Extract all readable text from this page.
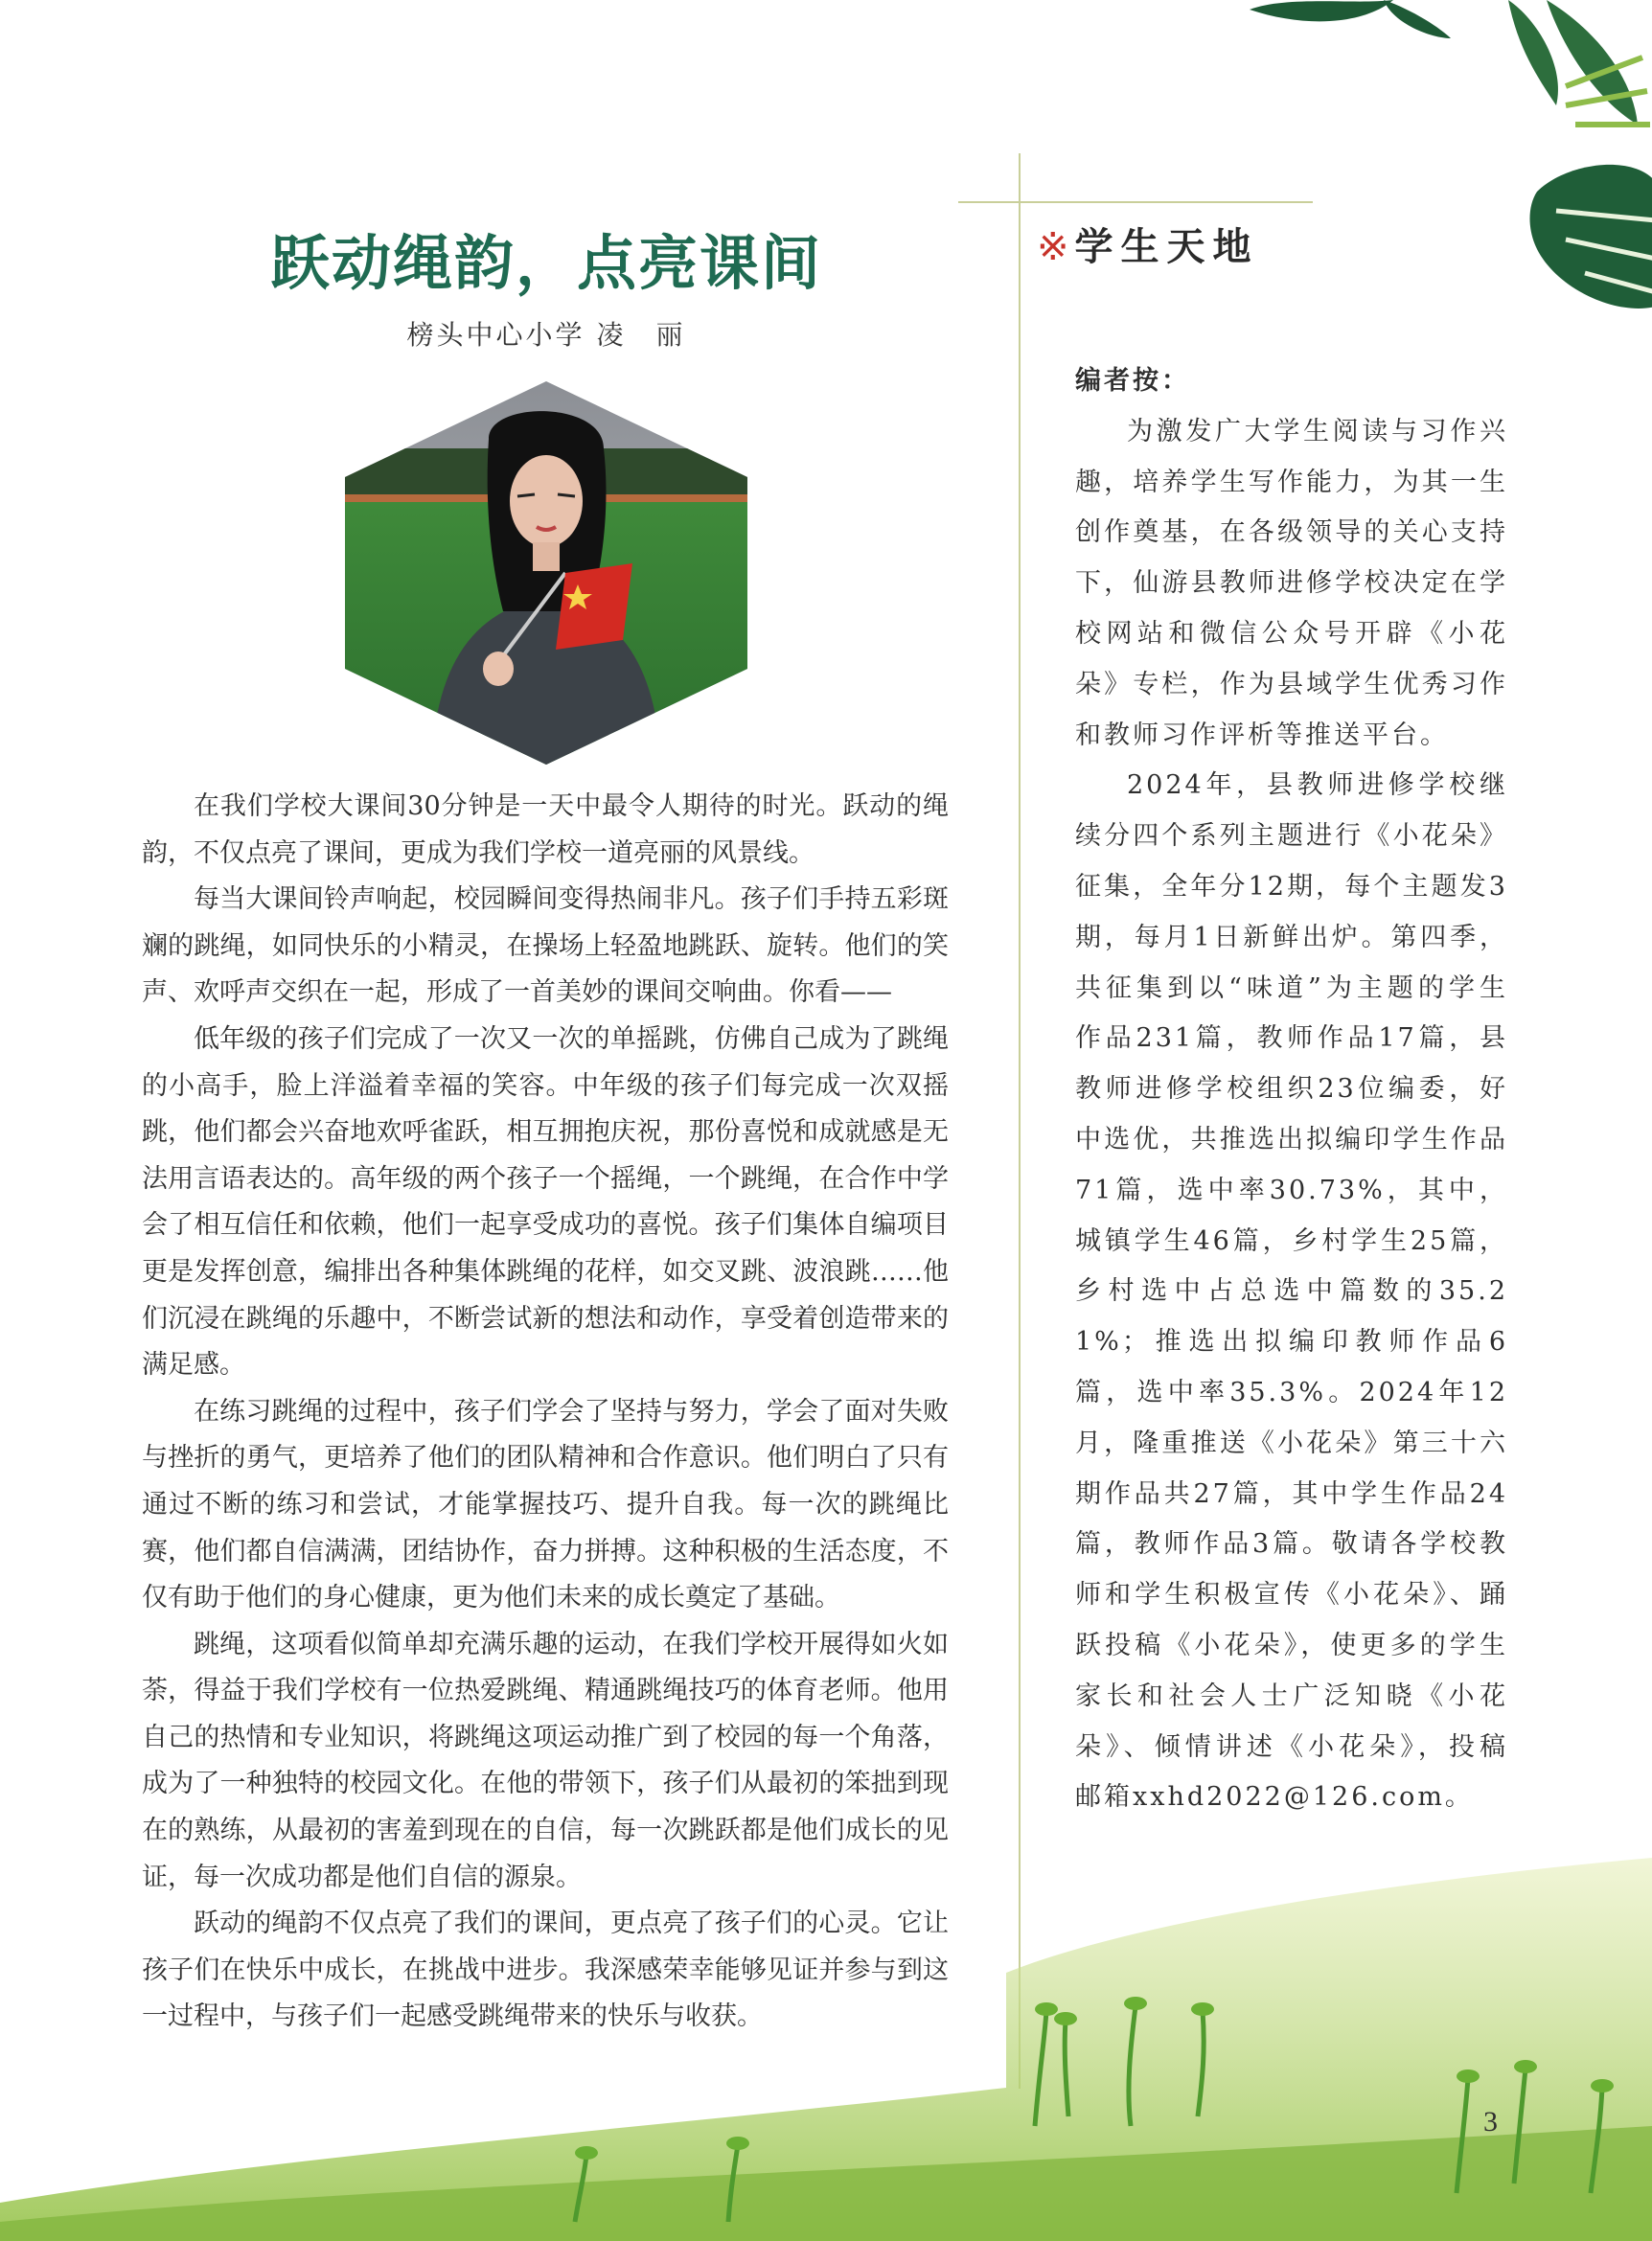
跃动绳韵，点亮课间
榜头中心小学 凌　丽

在我们学校大课间30分钟是一天中最令人期待的时光。跃动的绳韵，不仅点亮了课间，更成为我们学校一道亮丽的风景线。

每当大课间铃声响起，校园瞬间变得热闹非凡。孩子们手持五彩斑斓的跳绳，如同快乐的小精灵，在操场上轻盈地跳跃、旋转。他们的笑声、欢呼声交织在一起，形成了一首美妙的课间交响曲。你看——

低年级的孩子们完成了一次又一次的单摇跳，仿佛自己成为了跳绳的小高手，脸上洋溢着幸福的笑容。中年级的孩子们每完成一次双摇跳，他们都会兴奋地欢呼雀跃，相互拥抱庆祝，那份喜悦和成就感是无法用言语表达的。高年级的两个孩子一个摇绳，一个跳绳，在合作中学会了相互信任和依赖，他们一起享受成功的喜悦。孩子们集体自编项目更是发挥创意，编排出各种集体跳绳的花样，如交叉跳、波浪跳……他们沉浸在跳绳的乐趣中，不断尝试新的想法和动作，享受着创造带来的满足感。

在练习跳绳的过程中，孩子们学会了坚持与努力，学会了面对失败与挫折的勇气，更培养了他们的团队精神和合作意识。他们明白了只有通过不断的练习和尝试，才能掌握技巧、提升自我。每一次的跳绳比赛，他们都自信满满，团结协作，奋力拼搏。这种积极的生活态度，不仅有助于他们的身心健康，更为他们未来的成长奠定了基础。

跳绳，这项看似简单却充满乐趣的运动，在我们学校开展得如火如荼，得益于我们学校有一位热爱跳绳、精通跳绳技巧的体育老师。他用自己的热情和专业知识，将跳绳这项运动推广到了校园的每一个角落，成为了一种独特的校园文化。在他的带领下，孩子们从最初的笨拙到现在的熟练，从最初的害羞到现在的自信，每一次跳跃都是他们成长的见证，每一次成功都是他们自信的源泉。

跃动的绳韵不仅点亮了我们的课间，更点亮了孩子们的心灵。它让孩子们在快乐中成长，在挑战中进步。我深感荣幸能够见证并参与到这一过程中，与孩子们一起感受跳绳带来的快乐与收获。

※ 学生天地
编者按：

为激发广大学生阅读与习作兴趣，培养学生写作能力，为其一生创作奠基，在各级领导的关心支持下，仙游县教师进修学校决定在学校网站和微信公众号开辟《小花朵》专栏，作为县域学生优秀习作和教师习作评析等推送平台。

2024年，县教师进修学校继续分四个系列主题进行《小花朵》征集，全年分12期，每个主题发3期，每月1日新鲜出炉。第四季，共征集到以“味道”为主题的学生作品231篇，教师作品17篇，县教师进修学校组织23位编委，好中选优，共推选出拟编印学生作品71篇，选中率30.73%，其中，城镇学生46篇，乡村学生25篇，乡村选中占总选中篇数的35.21%；推选出拟编印教师作品6篇，选中率35.3%。2024年12月，隆重推送《小花朵》第三十六期作品共27篇，其中学生作品24篇，教师作品3篇。敬请各学校教师和学生积极宣传《小花朵》、踊跃投稿《小花朵》，使更多的学生家长和社会人士广泛知晓《小花朵》、倾情讲述《小花朵》，投稿邮箱xxhd2022@126.com。

3
